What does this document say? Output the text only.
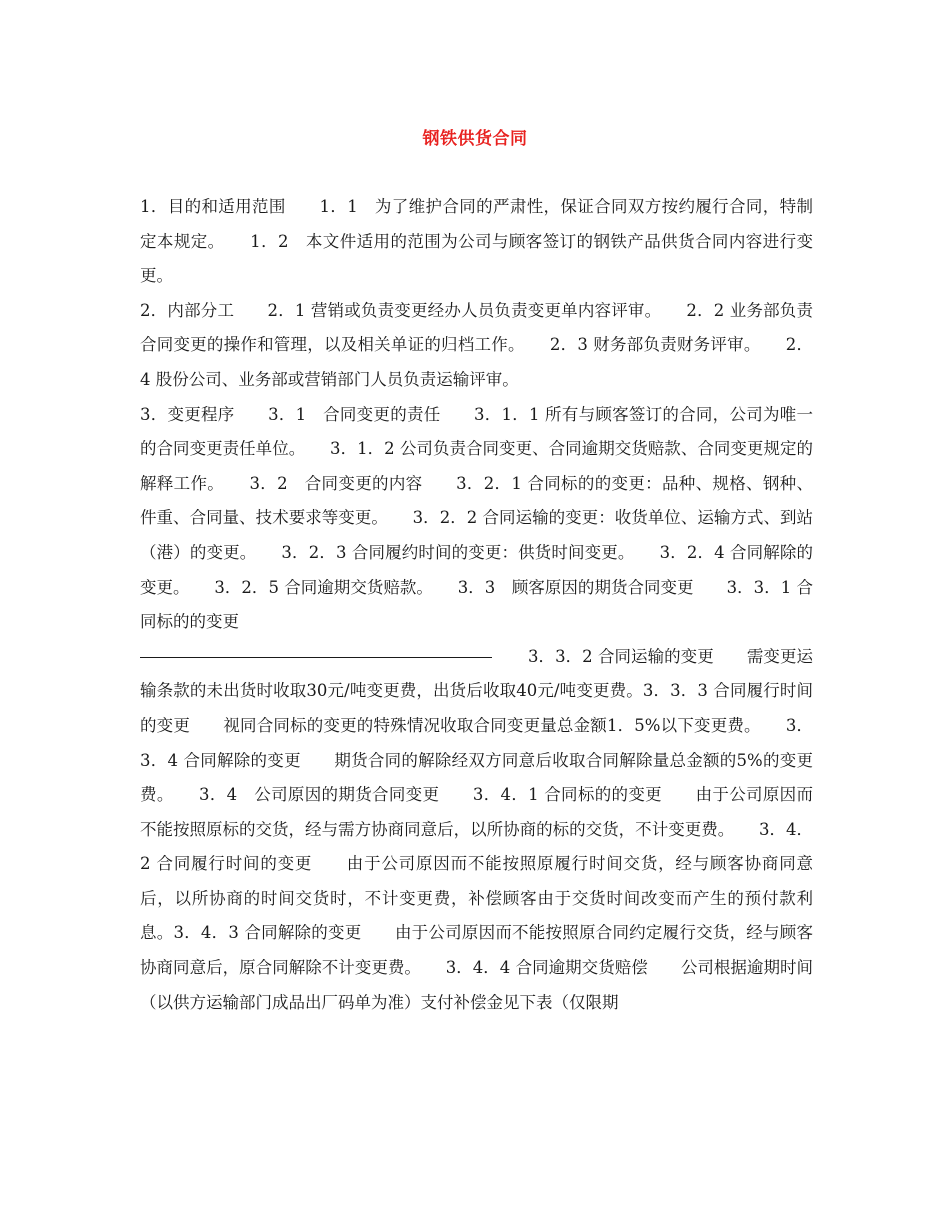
钢铁供货合同
1．目的和适用范围　　1．1　为了维护合同的严肃性，保证合同双方按约履行合同，特制定本规定。　　1．2　本文件适用的范围为公司与顾客签订的钢铁产品供货合同内容进行变更。
2．内部分工　　2．1 营销或负责变更经办人员负责变更单内容评审。　　2．2 业务部负责合同变更的操作和管理，以及相关单证的归档工作。　　2．3 财务部负责财务评审。　　2．4 股份公司、业务部或营销部门人员负责运输评审。
3．变更程序　　3．1　合同变更的责任　　3．1．1 所有与顾客签订的合同，公司为唯一的合同变更责任单位。　　3．1．2 公司负责合同变更、合同逾期交货赔款、合同变更规定的解释工作。　　3．2　合同变更的内容　　3．2．1 合同标的的变更：品种、规格、钢种、件重、合同量、技术要求等变更。　　3．2．2 合同运输的变更：收货单位、运输方式、到站（港）的变更。　　3．2．3 合同履约时间的变更：供货时间变更。　　3．2．4 合同解除的变更。　　3．2．5 合同逾期交货赔款。　　3．3　顾客原因的期货合同变更　　3．3．1 合同标的的变更
3．3．2 合同运输的变更　　需变更运输条款的未出货时收取30元/吨变更费，出货后收取40元/吨变更费。3．3．3 合同履行时间的变更　　视同合同标的变更的特殊情况收取合同变更量总金额1．5%以下变更费。　　3．3．4 合同解除的变更　　期货合同的解除经双方同意后收取合同解除量总金额的5%的变更费。　　3．4　公司原因的期货合同变更　　3．4．1 合同标的的变更　　由于公司原因而不能按照原标的交货，经与需方协商同意后，以所协商的标的交货，不计变更费。　　3．4．2 合同履行时间的变更　　由于公司原因而不能按照原履行时间交货，经与顾客协商同意后，以所协商的时间交货时，不计变更费，补偿顾客由于交货时间改变而产生的预付款利息。3．4．3 合同解除的变更　　由于公司原因而不能按照原合同约定履行交货，经与顾客协商同意后，原合同解除不计变更费。　　3．4．4 合同逾期交货赔偿　　公司根据逾期时间（以供方运输部门成品出厂码单为准）支付补偿金见下表（仅限期
